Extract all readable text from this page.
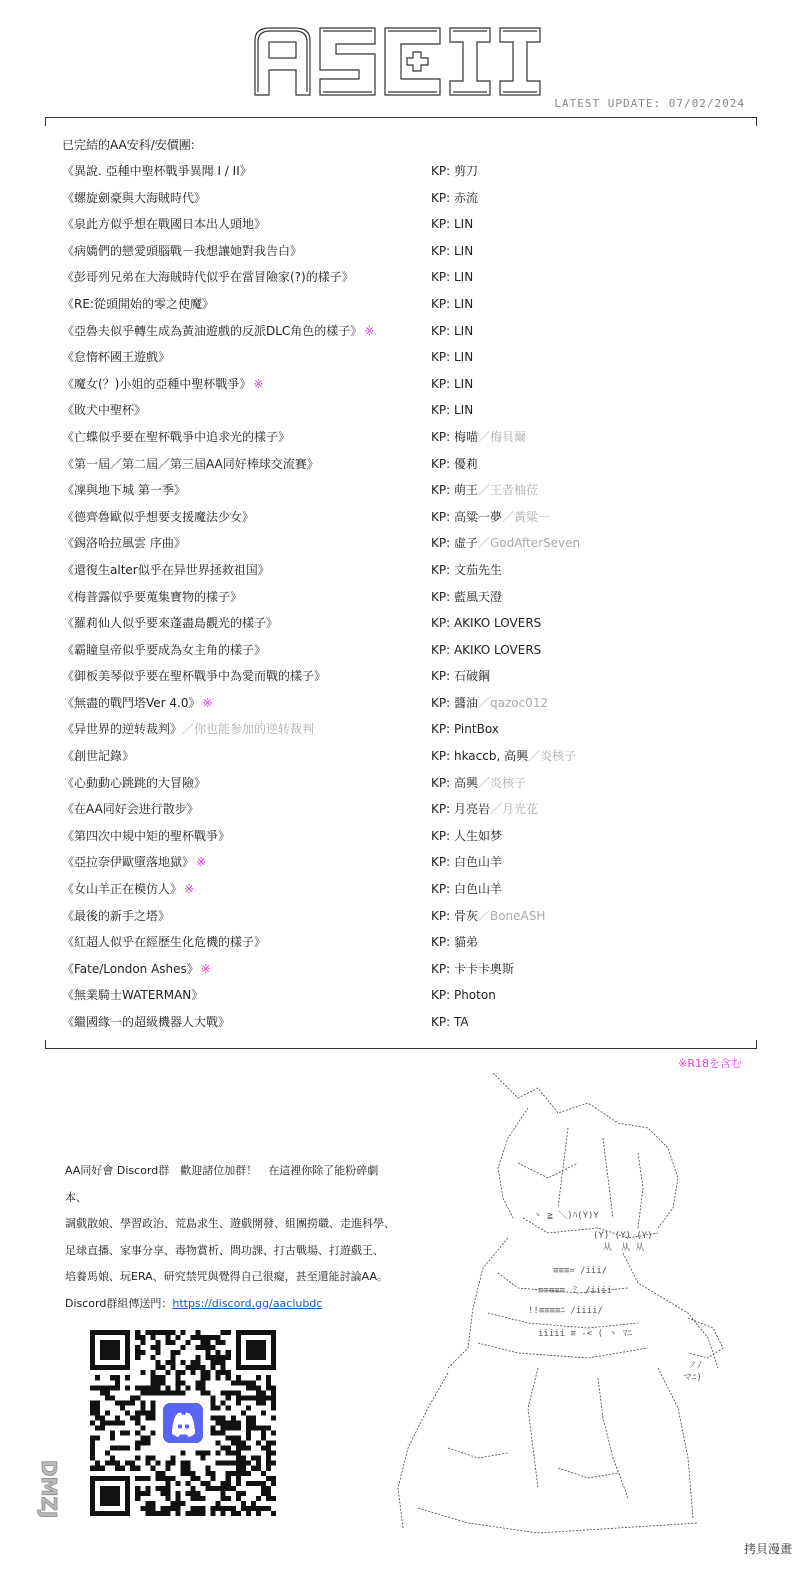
LATEST UPDATE: 07/02/2024
已完結的AA安科/安價團:
《異說. 亞種中聖杯戰爭異聞 I / II》	KP: 剪刀
《螺旋劍豪與大海賊時代》	KP: 赤流
《泉此方似乎想在戰國日本出人頭地》	KP: LIN
《病嬌們的戀愛頭腦戰－我想讓她對我告白》	KP: LIN
《彭哥列兄弟在大海賊時代似乎在當冒險家(?)的樣子》	KP: LIN
《RE:從頭開始的零之使魔》	KP: LIN
《亞魯夫似乎轉生成為黃油遊戲的反派DLC角色的樣子》 ※	KP: LIN
《怠惰杯國王遊戲》	KP: LIN
《魔女(？)小姐的亞種中聖杯戰爭》 ※	KP: LIN
《敗犬中聖杯》	KP: LIN
《亡蝶似乎要在聖杯戰爭中追求光的樣子》	KP: 梅喵／梅貝爾
《第一屆／第二屆／第三屆AA同好棒球交流賽》	KP: 優莉
《凜與地下城 第一季》	KP: 萌王／王者柚莅
《德齊魯歐似乎想要支援魔法少女》	KP: 高粱一夢／黃粱一
《錫洛哈拉風雲 序曲》	KP: 虛子／GodAfterSeven
《還復生alter似乎在异世界拯救祖国》	KP: 文茄先生
《梅普露似乎要蒐集寶物的樣子》	KP: 藍風天澄
《羅莉仙人似乎要來蓬盡島觀光的樣子》	KP: AKIKO LOVERS
《霸瞳皇帝似乎要成為女主角的樣子》	KP: AKIKO LOVERS
《御板美琴似乎要在聖杯戰爭中為愛而戰的樣子》	KP: 石破鋼
《無盡的戰鬥塔Ver 4.0》 ※	KP: 醬油／qazoc012
《异世界的逆转裁判》／你也能参加的逆转裁判	KP: PintBox
《創世記錄》	KP: hkaccb, 高興／炎核子
《心動動心跳跳的大冒險》	KP: 高興／炎核子
《在AA同好会进行散步》	KP: 月亮岩／月光花
《第四次中規中矩的聖杯戰爭》	KP: 人生如梦
《亞拉奈伊歐墮落地獄》 ※	KP: 白色山羊
《女山羊正在模仿人》 ※	KP: 白色山羊
《最後的新手之塔》	KP: 骨灰／BoneASH
《紅超人似乎在經歷生化危機的樣子》	KP: 貓弟
《Fate/London Ashes》 ※	KP: 卡卡卡奧斯
《無業騎士WATERMAN》	KP: Photon
《繼國緣一的超級機器人大戰》	KP: TA
※R18を含む
AA同好會 Discord群　歡迎諸位加群！　在這裡你除了能粉碎劇本、
調戲散娘、學習政治、荒島求生、遊戲開發、組團撈職、走進科學、
足球直播、家事分享、毒物賞析、問功課、打古戰場、打遊戲王、
培養馬娘、玩ERA、研究禁咒與覺得自己很癡，甚至還能討論AA。
Discord群組傳送門：https://discord.gg/aaclubdc
(Y) (Y) (Y)
从　从 从
丶 ≧ ＼)ﾊ(Y)Y
≡≡≡= /iii/
≡≡≡≡≡ ミ /iiii
!!≡≡≡≡ﾆ /iiii/
iiiii ≡ -< ( ヽ ﾏﾆ
ノﾉ
マﾆ)
DMZJ
拷貝漫畫
